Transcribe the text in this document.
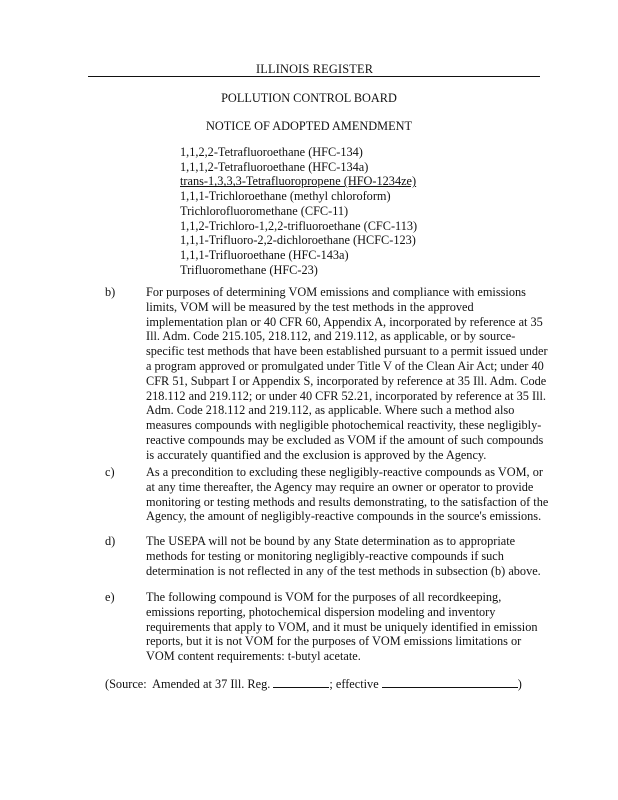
ILLINOIS REGISTER
POLLUTION CONTROL BOARD
NOTICE OF ADOPTED AMENDMENT
1,1,2,2-Tetrafluoroethane (HFC-134)
1,1,1,2-Tetrafluoroethane (HFC-134a)
trans-1,3,3,3-Tetrafluoropropene (HFO-1234ze)
1,1,1-Trichloroethane (methyl chloroform)
Trichlorofluoromethane (CFC-11)
1,1,2-Trichloro-1,2,2-trifluoroethane (CFC-113)
1,1,1-Trifluoro-2,2-dichloroethane (HCFC-123)
1,1,1-Trifluoroethane (HFC-143a)
Trifluoromethane (HFC-23)
b)	For purposes of determining VOM emissions and compliance with emissions
limits, VOM will be measured by the test methods in the approved
implementation plan or 40 CFR 60, Appendix A, incorporated by reference at 35
Ill. Adm. Code 215.105, 218.112, and 219.112, as applicable, or by source-
specific test methods that have been established pursuant to a permit issued under
a program approved or promulgated under Title V of the Clean Air Act; under 40
CFR 51, Subpart I or Appendix S, incorporated by reference at 35 Ill. Adm. Code
218.112 and 219.112; or under 40 CFR 52.21, incorporated by reference at 35 Ill.
Adm. Code 218.112 and 219.112, as applicable. Where such a method also
measures compounds with negligible photochemical reactivity, these negligibly-
reactive compounds may be excluded as VOM if the amount of such compounds
is accurately quantified and the exclusion is approved by the Agency.
c)	As a precondition to excluding these negligibly-reactive compounds as VOM, or
at any time thereafter, the Agency may require an owner or operator to provide
monitoring or testing methods and results demonstrating, to the satisfaction of the
Agency, the amount of negligibly-reactive compounds in the source's emissions.
d)	The USEPA will not be bound by any State determination as to appropriate
methods for testing or monitoring negligibly-reactive compounds if such
determination is not reflected in any of the test methods in subsection (b) above.
e)	The following compound is VOM for the purposes of all recordkeeping,
emissions reporting, photochemical dispersion modeling and inventory
requirements that apply to VOM, and it must be uniquely identified in emission
reports, but it is not VOM for the purposes of VOM emissions limitations or
VOM content requirements: t-butyl acetate.
(Source:  Amended at 37 Ill. Reg.	; effective	)
